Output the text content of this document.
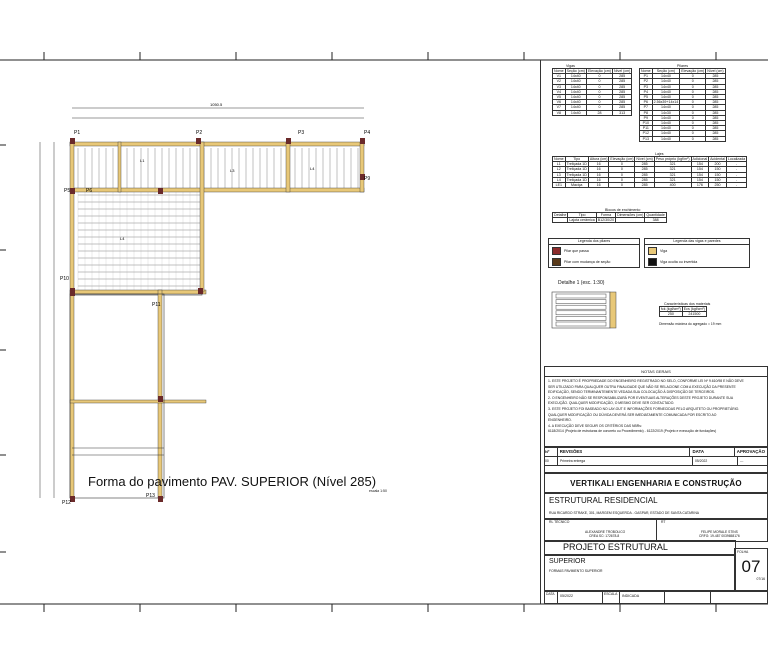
P1	P2	P3	P4
P5	P6
P9
P10
P11
P12
P13
L1
L3	L4
L4
1050.5
Forma do pavimento PAV. SUPERIOR (Nível 285)
escala 1:50
Vigas
Nome	Seção (cm)	Elevação (cm)	Nível (cm)
V1	14x40	0	285
V2	14x40	0	285
V3	14x40	0	285
V4	14x40	0	285
V5	14x40	0	285
V6	14x40	0	285
V7	14x40	0	285
V8	14x40	28	313
Pilares
Nome	Seção (cm)	Elevação (cm)	Nível (cm)
P1	14x40	0	285
P2	14x40	0	285
P3	14x40	0	285
P4	14x40	0	285
P5	14x40	0	285
P6	2.56x39+14x14	0	285
P7	14x40	0	285
P8	14x30	0	285
P9	14x40	0	285
P10	14x40	0	285
P11	14x40	0	285
P12	14x40	0	285
P13	14x40	0	285
Lajes
Nome	Tipo	Altura (cm)	Elevação (cm)	Nível (cm)	Peso próprio (kgf/m²)	Adicional	Acidental	Localizada
L1	Treliçada 1D	16	0	285	321	154	200	-
L2	Treliçada 1D	16	0	285	321	154	150	-
L3	Treliçada 1D	16	0	285	321	154	150	-
L4	Treliçada 1D	16	0	285	321	154	150	-
LE1	Maciça	16	0	285	400	176	250	-
Blocos de enchimento
Detalhe	Tipo	Forma	Dimensões (cm)	Quantidade
	Lajota cerâmica	B12/30/20		388
Legenda dos pilares
Pilar que passa
Pilar com mudança de seção
Legenda das vigas e paredes
Viga
Viga oculta ou invertida
Detalhe 1 (esc. 1:30)
Características dos materiais
fck (kgf/cm²)	Ecs (kgf/cm²)
250	241500
Dimensão máxima do agregado = 19 mm
NOTAS GERAIS
1- ESTE PROJETO É PROPRIEDADE DO ENGENHEIRO REGISTRADO NO SELO, CONFORME LEI Nº 9.610/98 E NÃO DEVE
SER UTILIZADO PARA QUALQUER OUTRA FINALIDADE QUE NÃO SE RELACIONE COM A EXECUÇÃO DA PRESENTE
EDIFICAÇÃO, SENDO TERMINANTEMENTE VEDADA SUA COLOCAÇÃO À DISPOSIÇÃO DE TERCEIROS.
2- O ENGENHEIRO NÃO SE RESPONSABILIZARÁ POR EVENTUAIS ALTERAÇÕES DESTE PROJETO DURANTE SUA
EXECUÇÃO. QUALQUER MODIFICAÇÃO, O MESMO DEVE SER CONTACTADO.
3- ESTE PROJETO FOI BASEADO NO LAY-OUT E INFORMAÇÕES FORNECIDAS PELO ARQUITETO OU PROPRIETÁRIO.
QUALQUER MODIFICAÇÃO OU DÚVIDA DEVERÁ SER IMEDIATAMENTE COMUNICADA POR ESCRITO AO
ENGENHEIRO.
4- A EXECUÇÃO DEVE SEGUIR OS CRITÉRIOS DAS NBRs:
6118/2014 (Projeto de estruturas de concreto ou Procedimento) - 6122/2019 (Projeto e execução de fundações)
Nº	REVISÕES	DATA	APROVAÇÃO
00	Primeira entrega	05/2022	---
VERTIKALI ENGENHARIA E CONSTRUÇÃO
ESTRUTURAL RESIDENCIAL
RUA RICARDO STRAKE, 301, MARGEM ESQUERDA - GASPAR, ESTADO DE SANTA CATARINA
RL TÉCNICO
ALEXANDRE TROBOLICO
CREA SC: 172678-8
RT
FELIPE MORALE STINS
CRFG: 19-487 0039658176
PROJETO ESTRUTURAL
SUPERIOR
FORMAS PAVIMENTO SUPERIOR
FOLHA
07
07/16
DATA	05/2022	ESCALA	INDICADA
